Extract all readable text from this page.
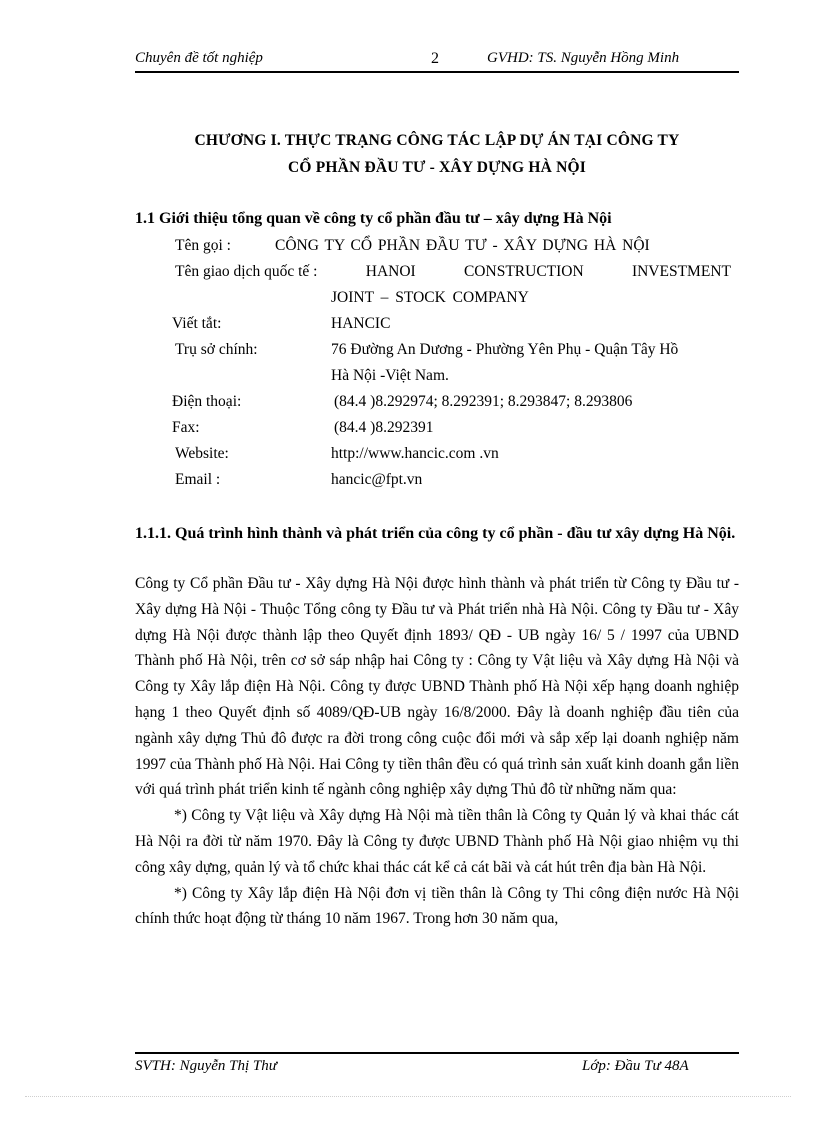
Chuyên đề tốt nghiệp	2	GVHD: TS. Nguyễn Hồng Minh
CHƯƠNG I. THỰC TRẠNG CÔNG TÁC LẬP DỰ ÁN TẠI CÔNG TY
CỔ PHẦN ĐẦU TƯ - XÂY DỰNG HÀ NỘI
1.1 Giới thiệu tổng quan về công ty cổ phần đầu tư – xây dựng Hà Nội
Tên gọi :	CÔNG TY CỔ PHẦN ĐẦU TƯ - XÂY DỰNG HÀ NỘI
Tên giao dịch quốc tế :	HANOI	CONSTRUCTION	INVESTMENT
JOINT – STOCK COMPANY
Viết tắt:	HANCIC
Trụ sở chính:	76 Đường An Dương - Phường Yên Phụ - Quận Tây Hồ
Hà Nội -Việt Nam.
Điện thoại:	(84.4 )8.292974; 8.292391; 8.293847; 8.293806
Fax:	(84.4 )8.292391
Website:	http://www.hancic.com .vn
Email :	hancic@fpt.vn
1.1.1. Quá trình hình thành và phát triển của công ty cổ phần - đầu tư xây dựng Hà Nội.

Công ty Cổ phần Đầu tư - Xây dựng Hà Nội được hình thành và phát triển từ Công ty Đầu tư - Xây dựng Hà Nội - Thuộc Tổng công ty Đầu tư và Phát triển nhà Hà Nội. Công ty Đầu tư - Xây dựng Hà Nội được thành lập theo Quyết định 1893/ QĐ - UB ngày 16/ 5 / 1997 của UBND Thành phố Hà Nội, trên cơ sở sáp nhập hai Công ty : Công ty Vật liệu và Xây dựng Hà Nội và Công ty Xây lắp điện Hà Nội. Công ty được UBND Thành phố Hà Nội xếp hạng doanh nghiệp hạng 1 theo Quyết định số 4089/QĐ-UB ngày 16/8/2000. Đây là doanh nghiệp đầu tiên của ngành xây dựng Thủ đô được ra đời trong công cuộc đổi mới và sắp xếp lại doanh nghiệp năm 1997 của Thành phố Hà Nội. Hai Công ty tiền thân đều có quá trình sản xuất kinh doanh gắn liền với quá trình phát triển kinh tế ngành công nghiệp xây dựng Thủ đô từ những năm qua:

*) Công ty Vật liệu và Xây dựng Hà Nội mà tiền thân là Công ty Quản lý và khai thác cát Hà Nội ra đời từ năm 1970. Đây là Công ty được UBND Thành phố Hà Nội giao nhiệm vụ thi công xây dựng, quản lý và tổ chức khai thác cát kể cả cát bãi và cát hút trên địa bàn Hà Nội.

*) Công ty Xây lắp điện Hà Nội đơn vị tiền thân là Công ty Thi công điện nước Hà Nội chính thức hoạt động từ tháng 10 năm 1967. Trong hơn 30 năm qua,

SVTH: Nguyễn Thị Thư	Lớp: Đầu Tư 48A
